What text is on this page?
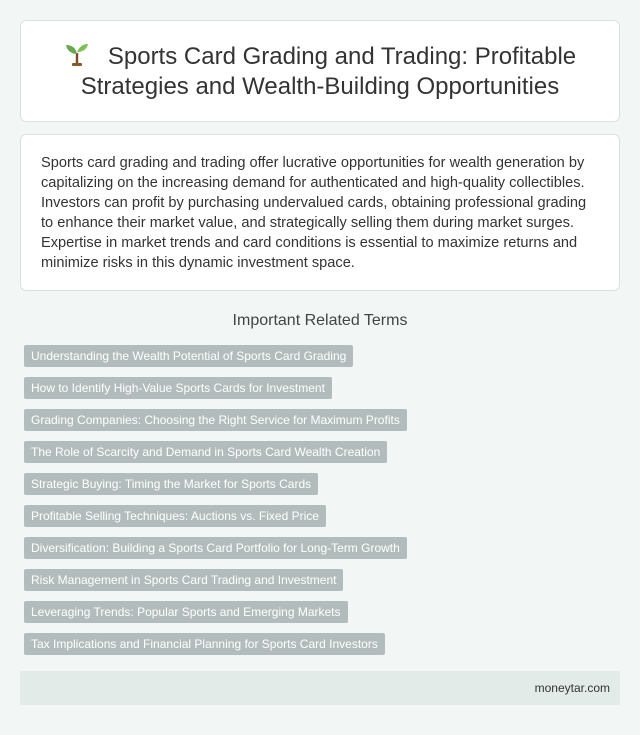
Sports Card Grading and Trading: Profitable
Strategies and Wealth-Building Opportunities

Sports card grading and trading offer lucrative opportunities for wealth generation by capitalizing on the increasing demand for authenticated and high-quality collectibles. Investors can profit by purchasing undervalued cards, obtaining professional grading to enhance their market value, and strategically selling them during market surges. Expertise in market trends and card conditions is essential to maximize returns and minimize risks in this dynamic investment space.

Important Related Terms
Understanding the Wealth Potential of Sports Card Grading
How to Identify High-Value Sports Cards for Investment
Grading Companies: Choosing the Right Service for Maximum Profits
The Role of Scarcity and Demand in Sports Card Wealth Creation
Strategic Buying: Timing the Market for Sports Cards
Profitable Selling Techniques: Auctions vs. Fixed Price
Diversification: Building a Sports Card Portfolio for Long-Term Growth
Risk Management in Sports Card Trading and Investment
Leveraging Trends: Popular Sports and Emerging Markets
Tax Implications and Financial Planning for Sports Card Investors
moneytar.com
